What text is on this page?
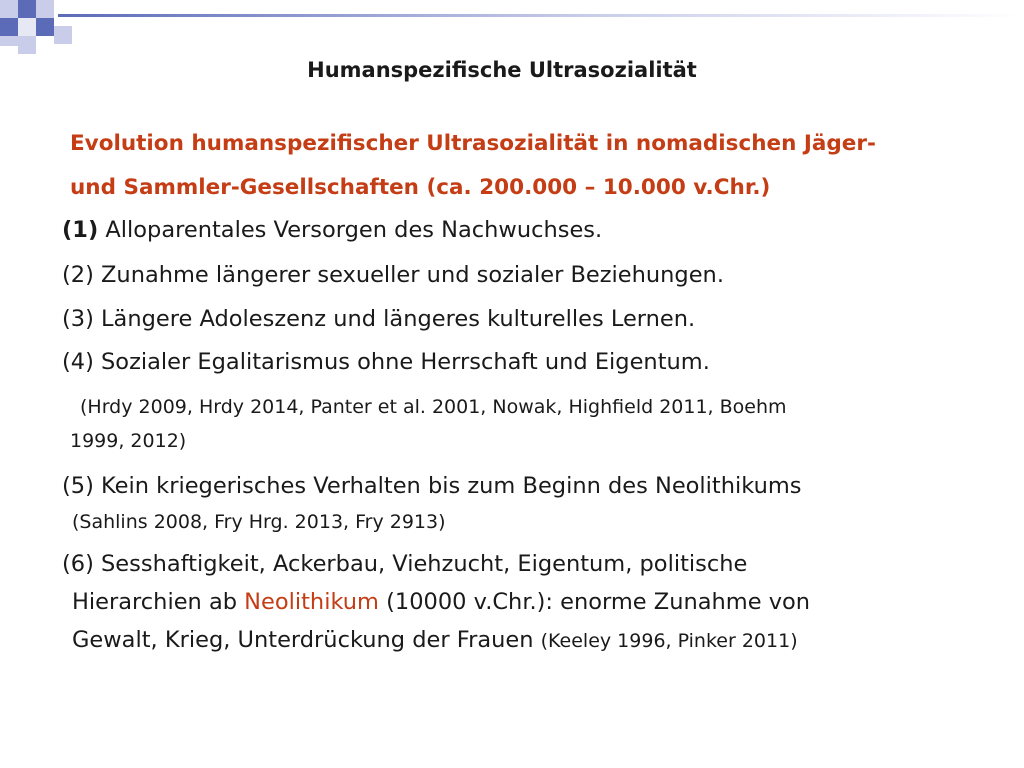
Humanspezifische Ultrasozialität
Evolution humanspezifischer Ultrasozialität in nomadischen Jäger-
und Sammler-Gesellschaften (ca. 200.000 – 10.000 v.Chr.)
(1) Alloparentales Versorgen des Nachwuchses.
(2) Zunahme längerer sexueller und sozialer Beziehungen.
(3) Längere Adoleszenz und längeres kulturelles Lernen.
(4) Sozialer Egalitarismus ohne Herrschaft und Eigentum.
(Hrdy 2009, Hrdy 2014, Panter et al. 2001, Nowak, Highfield 2011, Boehm
1999, 2012)
(5) Kein kriegerisches Verhalten bis zum Beginn des Neolithikums
(Sahlins 2008, Fry Hrg. 2013, Fry 2913)
(6) Sesshaftigkeit, Ackerbau, Viehzucht, Eigentum, politische
Hierarchien ab Neolithikum (10000 v.Chr.): enorme Zunahme von
Gewalt, Krieg, Unterdrückung der Frauen (Keeley 1996, Pinker 2011)
